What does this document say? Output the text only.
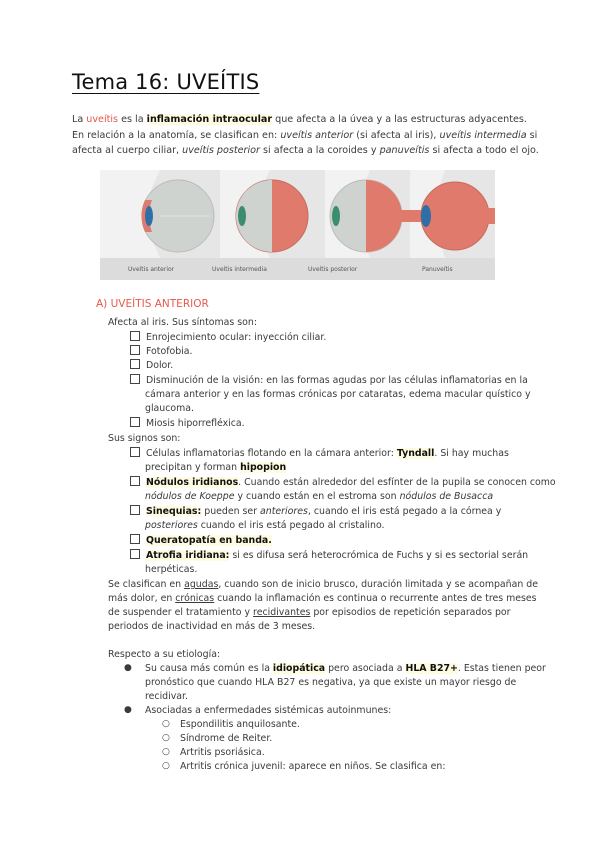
Tema 16: UVEÍTIS
La uveítis es la inflamación intraocular que afecta a la úvea y a las estructuras adyacentes.
En relación a la anatomía, se clasifican en: uveítis anterior (si afecta al iris), uveítis intermedia si afecta al cuerpo ciliar, uveítis posterior si afecta a la coroides y panuveítis si afecta a todo el ojo.
Uveítis anterior	Uveítis intermedia	Uveítis posterior	Panuveítis
A) UVEÍTIS ANTERIOR
Afecta al iris. Sus síntomas son:
Enrojecimiento ocular: inyección ciliar.
Fotofobia.
Dolor.
Disminución de la visión: en las formas agudas por las células inflamatorias en la
cámara anterior y en las formas crónicas por cataratas, edema macular quístico y
glaucoma.
Miosis hiporrefléxica.
Sus signos son:
Células inflamatorias flotando en la cámara anterior: Tyndall. Si hay muchas
precipitan y forman hipopion
Nódulos iridianos. Cuando están alrededor del esfínter de la pupila se conocen como
nódulos de Koeppe y cuando están en el estroma son nódulos de Busacca
Sinequias: pueden ser anteriores, cuando el iris está pegado a la córnea y
posteriores cuando el iris está pegado al cristalino.
Queratopatía en banda.
Atrofia iridiana: si es difusa será heterocrómica de Fuchs y si es sectorial serán
herpéticas.
Se clasifican en agudas, cuando son de inicio brusco, duración limitada y se acompañan de
más dolor, en crónicas cuando la inflamación es continua o recurrente antes de tres meses
de suspender el tratamiento y recidivantes por episodios de repetición separados por
periodos de inactividad en más de 3 meses.
Respecto a su etiología:
● Su causa más común es la idiopática pero asociada a HLA B27+. Estas tienen peor
pronóstico que cuando HLA B27 es negativa, ya que existe un mayor riesgo de
recidivar.
● Asociadas a enfermedades sistémicas autoinmunes:
○ Espondilitis anquilosante.
○ Síndrome de Reiter.
○ Artritis psoriásica.
○ Artritis crónica juvenil: aparece en niños. Se clasifica en:
